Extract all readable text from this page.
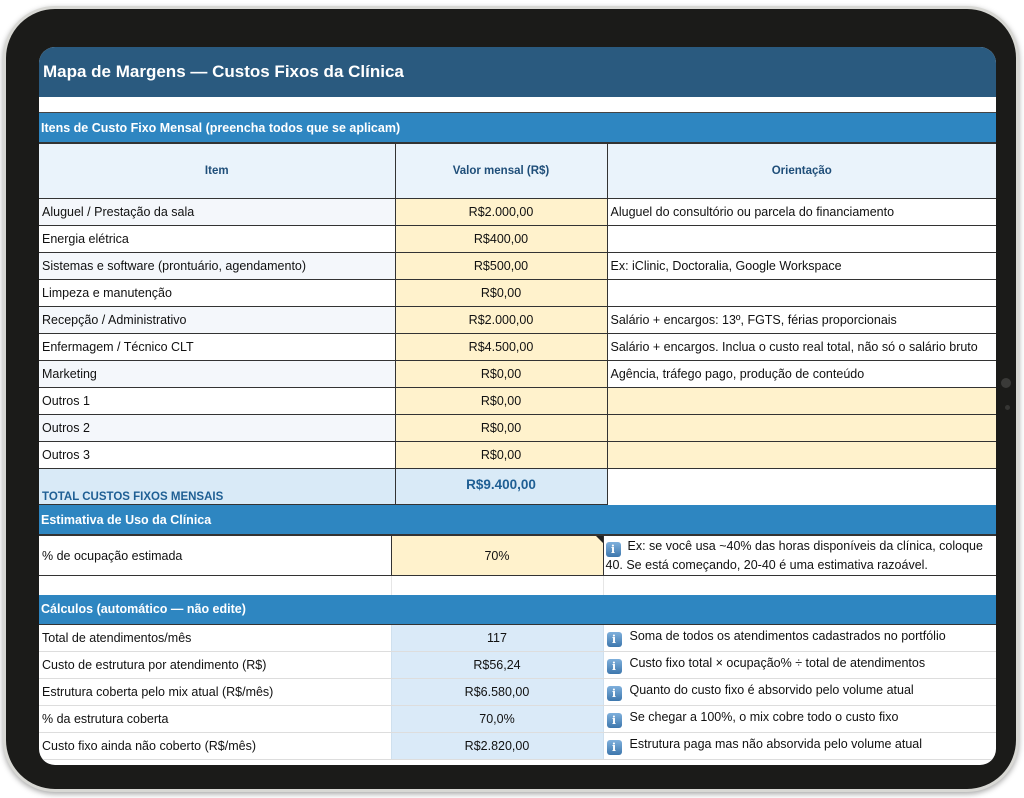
Mapa de Margens — Custos Fixos da Clínica
Itens de Custo Fixo Mensal (preencha todos que se aplicam)
Item	Valor mensal (R$)	Orientação
Aluguel / Prestação da sala	R$2.000,00	Aluguel do consultório ou parcela do financiamento
Energia elétrica	R$400,00	
Sistemas e software (prontuário, agendamento)	R$500,00	Ex: iClinic, Doctoralia, Google Workspace
Limpeza e manutenção	R$0,00	
Recepção / Administrativo	R$2.000,00	Salário + encargos: 13º, FGTS, férias proporcionais
Enfermagem / Técnico CLT	R$4.500,00	Salário + encargos. Inclua o custo real total, não só o salário bruto
Marketing	R$0,00	Agência, tráfego pago, produção de conteúdo
Outros 1	R$0,00	
Outros 2	R$0,00	
Outros 3	R$0,00	
TOTAL CUSTOS FIXOS MENSAIS	R$9.400,00	
Estimativa de Uso da Clínica
% de ocupação estimada	70%	i Ex: se você usa ~40% das horas disponíveis da clínica, coloque 40. Se está começando, 20-40 é uma estimativa razoável.

Cálculos (automático — não edite)
Total de atendimentos/mês	117	i Soma de todos os atendimentos cadastrados no portfólio
Custo de estrutura por atendimento (R$)	R$56,24	i Custo fixo total × ocupação% ÷ total de atendimentos
Estrutura coberta pelo mix atual (R$/mês)	R$6.580,00	i Quanto do custo fixo é absorvido pelo volume atual
% da estrutura coberta	70,0%	i Se chegar a 100%, o mix cobre todo o custo fixo
Custo fixo ainda não coberto (R$/mês)	R$2.820,00	i Estrutura paga mas não absorvida pelo volume atual
